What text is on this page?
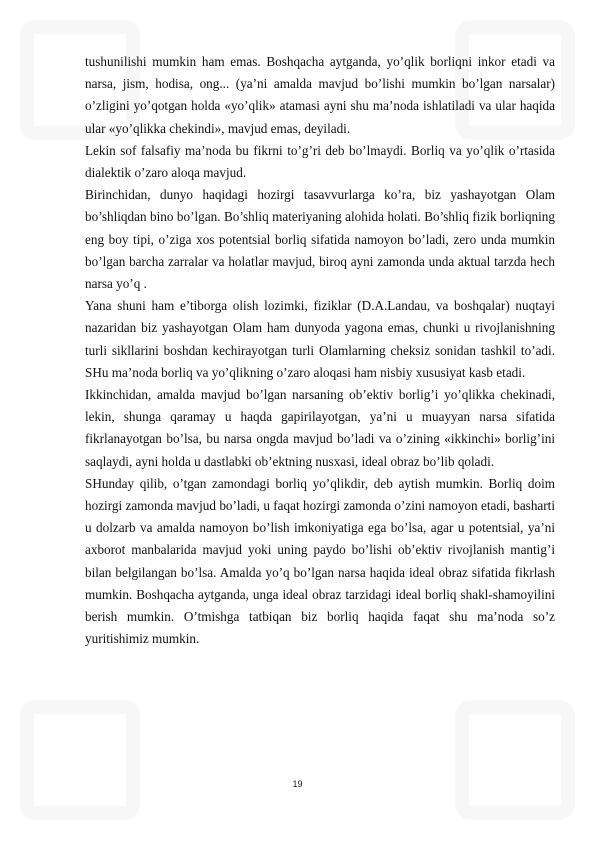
tushunilishi mumkin ham emas. Boshqacha aytganda, yo’qlik borliqni inkor etadi va narsa, jism, hodisa, ong... (ya’ni amalda mavjud bo’lishi mumkin bo’lgan narsalar) o’zligini yo’qotgan holda «yo’qlik» atamasi ayni shu ma’noda ishlatiladi va ular haqida ular «yo’qlikka chekindi», mavjud emas, deyiladi.

Lekin sof falsafiy ma’noda bu fikrni to’g’ri deb bo’lmaydi. Borliq va yo’qlik o’rtasida dialektik o’zaro aloqa mavjud.

Birinchidan, dunyo haqidagi hozirgi tasavvurlarga ko’ra, biz yashayotgan Olam bo’shliqdan bino bo’lgan. Bo’shliq materiyaning alohida holati. Bo’shliq fizik borliqning eng boy tipi, o’ziga xos potentsial borliq sifatida namoyon bo’ladi, zero unda mumkin bo’lgan barcha zarralar va holatlar mavjud, biroq ayni zamonda unda aktual tarzda hech narsa yo’q .

Yana shuni ham e’tiborga olish lozimki, fiziklar (D.A.Landau, va boshqalar) nuqtayi nazaridan biz yashayotgan Olam ham dunyoda yagona emas, chunki u rivojlanishning turli sikllarini boshdan kechirayotgan turli Olamlarning cheksiz sonidan tashkil to’adi. SHu ma’noda borliq va yo’qlikning o’zaro aloqasi ham nisbiy xususiyat kasb etadi.

Ikkinchidan, amalda mavjud bo’lgan narsaning ob’ektiv borlig’i yo’qlikka chekinadi, lekin, shunga qaramay u haqda gapirilayotgan, ya’ni u muayyan narsa sifatida fikrlanayotgan bo’lsa, bu narsa ongda mavjud bo’ladi va o’zining «ikkinchi» borlig’ini saqlaydi, ayni holda u dastlabki ob’ektning nusxasi, ideal obraz bo’lib qoladi.

SHunday qilib, o’tgan zamondagi borliq yo’qlikdir, deb aytish mumkin. Borliq doim hozirgi zamonda mavjud bo’ladi, u faqat hozirgi zamonda o’zini namoyon etadi, basharti u dolzarb va amalda namoyon bo’lish imkoniyatiga ega bo’lsa, agar u potentsial, ya’ni axborot manbalarida mavjud yoki uning paydo bo’lishi ob’ektiv rivojlanish mantig’i bilan belgilangan bo’lsa. Amalda yo’q bo’lgan narsa haqida ideal obraz sifatida fikrlash mumkin. Boshqacha aytganda, unga ideal obraz tarzidagi ideal borliq shakl-shamoyilini berish mumkin. O’tmishga tatbiqan biz borliq haqida faqat shu ma’noda so’z yuritishimiz mumkin.

19
